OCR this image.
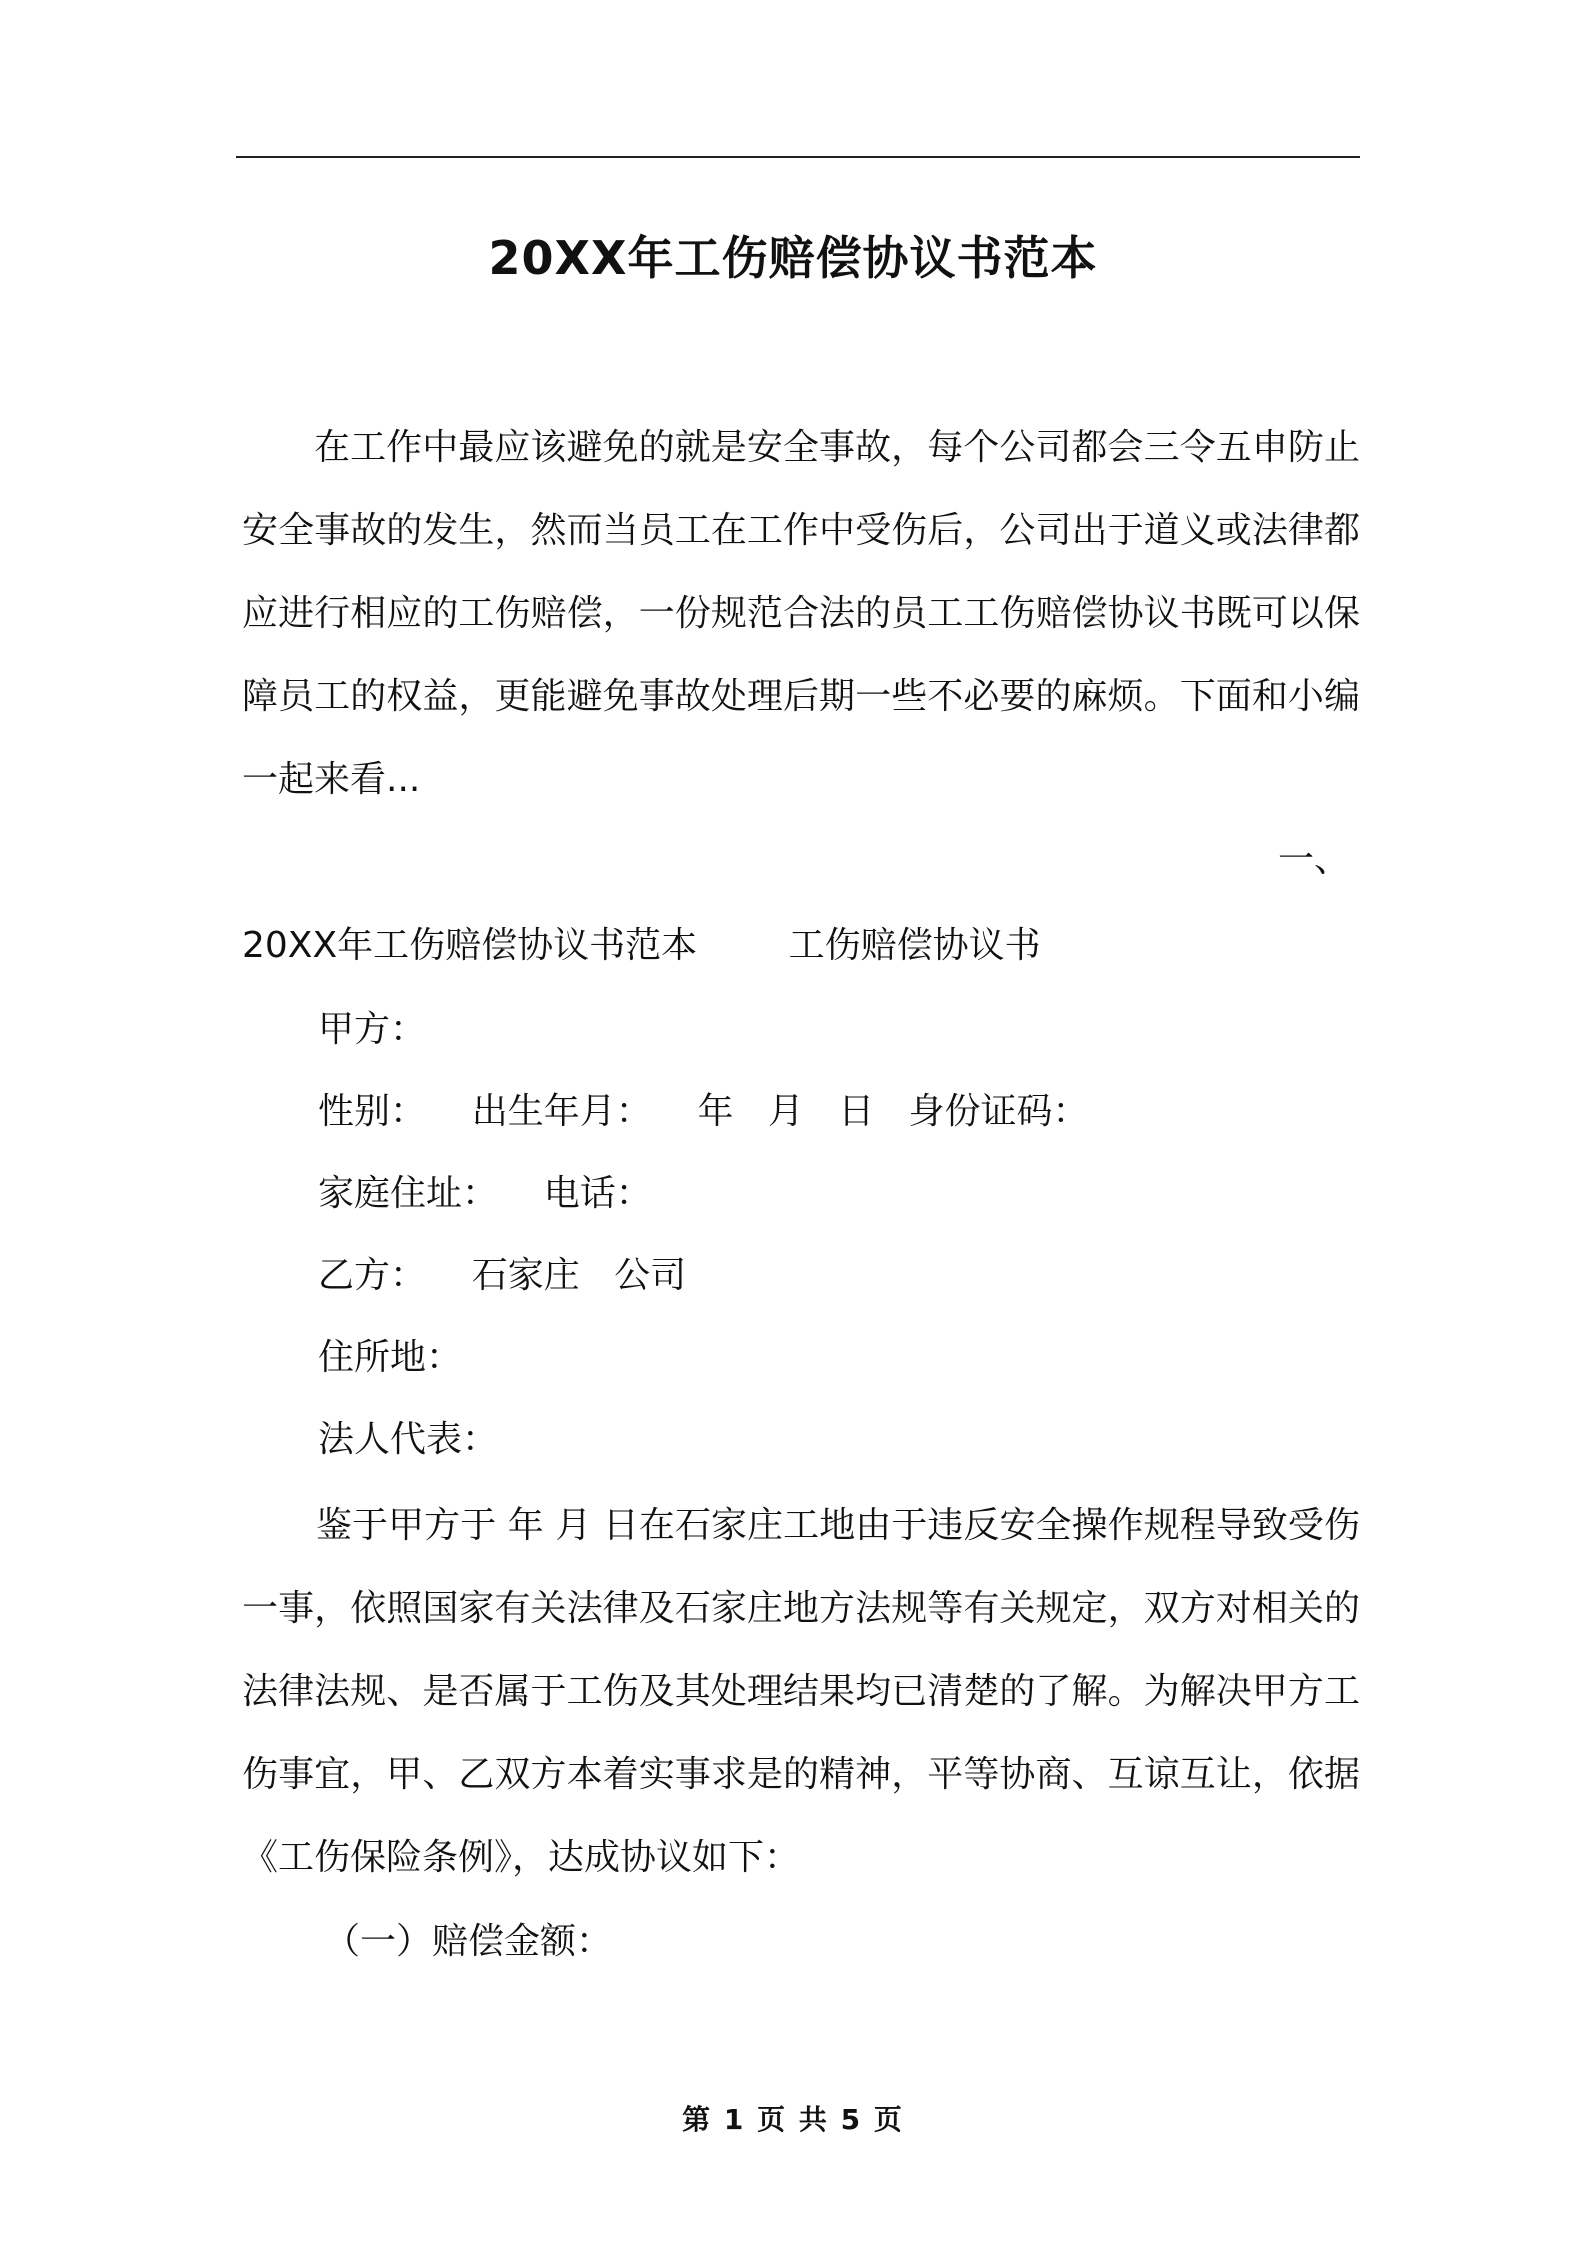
20XX年工伤赔偿协议书范本

在工作中最应该避免的就是安全事故，每个公司都会三令五申防止安全事故的发生，然而当员工在工作中受伤后，公司出于道义或法律都应进行相应的工伤赔偿，一份规范合法的员工工伤赔偿协议书既可以保障员工的权益，更能避免事故处理后期一些不必要的麻烦。下面和小编一起来看...

一、
20XX年工伤赔偿协议书范本        工伤赔偿协议书
甲方：
性别：    出生年月：    年   月   日   身份证码：
家庭住址：    电话：
乙方：    石家庄   公司
住所地：
法人代表：

鉴于甲方于 年 月 日在石家庄工地由于违反安全操作规程导致受伤一事，依照国家有关法律及石家庄地方法规等有关规定，双方对相关的法律法规、是否属于工伤及其处理结果均已清楚的了解。为解决甲方工伤事宜，甲、乙双方本着实事求是的精神，平等协商、互谅互让，依据《工伤保险条例》，达成协议如下：

（一）赔偿金额：
第 1 页 共 5 页
